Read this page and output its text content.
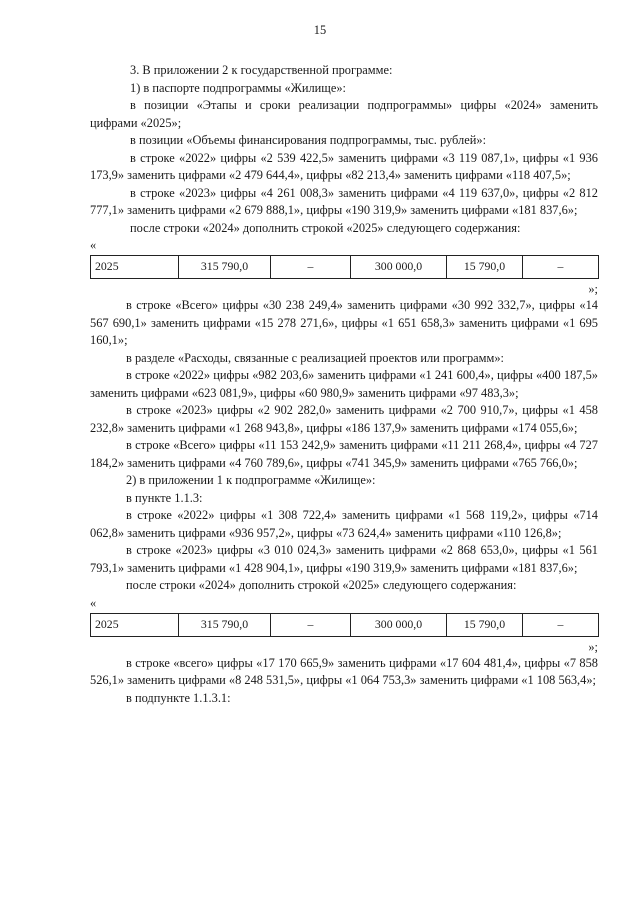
15

3. В приложении 2 к государственной программе:

1) в паспорте подпрограммы «Жилище»:

в позиции «Этапы и сроки реализации подпрограммы» цифры «2024» заменить цифрами «2025»;

в позиции «Объемы финансирования подпрограммы, тыс. рублей»:

в строке «2022» цифры «2 539 422,5» заменить цифрами «3 119 087,1», цифры «1 936 173,9» заменить цифрами «2 479 644,4», цифры «82 213,4» заменить цифрами «118 407,5»;

в строке «2023» цифры «4 261 008,3» заменить цифрами «4 119 637,0», цифры «2 812 777,1» заменить цифрами «2 679 888,1», цифры «190 319,9» заменить цифрами «181 837,6»;

после строки «2024» дополнить строкой «2025» следующего содержания:

«

2025	315 790,0	–	300 000,0	15 790,0	–

»;

в строке «Всего» цифры «30 238 249,4» заменить цифрами «30 992 332,7», цифры «14 567 690,1» заменить цифрами «15 278 271,6», цифры «1 651 658,3» заменить цифрами «1 695 160,1»;

в разделе «Расходы, связанные с реализацией проектов или программ»:

в строке «2022» цифры «982 203,6» заменить цифрами «1 241 600,4», цифры «400 187,5» заменить цифрами «623 081,9», цифры «60 980,9» заменить цифрами «97 483,3»;

в строке «2023» цифры «2 902 282,0» заменить цифрами «2 700 910,7», цифры «1 458 232,8» заменить цифрами «1 268 943,8», цифры «186 137,9» заменить цифрами «174 055,6»;

в строке «Всего» цифры «11 153 242,9» заменить цифрами «11 211 268,4», цифры «4 727 184,2» заменить цифрами «4 760 789,6», цифры «741 345,9» заменить цифрами «765 766,0»;

2) в приложении 1 к подпрограмме «Жилище»:

в пункте 1.1.3:

в строке «2022» цифры «1 308 722,4» заменить цифрами «1 568 119,2», цифры «714 062,8» заменить цифрами «936 957,2», цифры «73 624,4» заменить цифрами «110 126,8»;

в строке «2023» цифры «3 010 024,3» заменить цифрами «2 868 653,0», цифры «1 561 793,1» заменить цифрами «1 428 904,1», цифры «190 319,9» заменить цифрами «181 837,6»;

после строки «2024» дополнить строкой «2025» следующего содержания:

«

2025	315 790,0	–	300 000,0	15 790,0	–

»;

в строке «всего» цифры «17 170 665,9» заменить цифрами «17 604 481,4», цифры «7 858 526,1» заменить цифрами «8 248 531,5», цифры «1 064 753,3» заменить цифрами «1 108 563,4»;

в подпункте 1.1.3.1:
